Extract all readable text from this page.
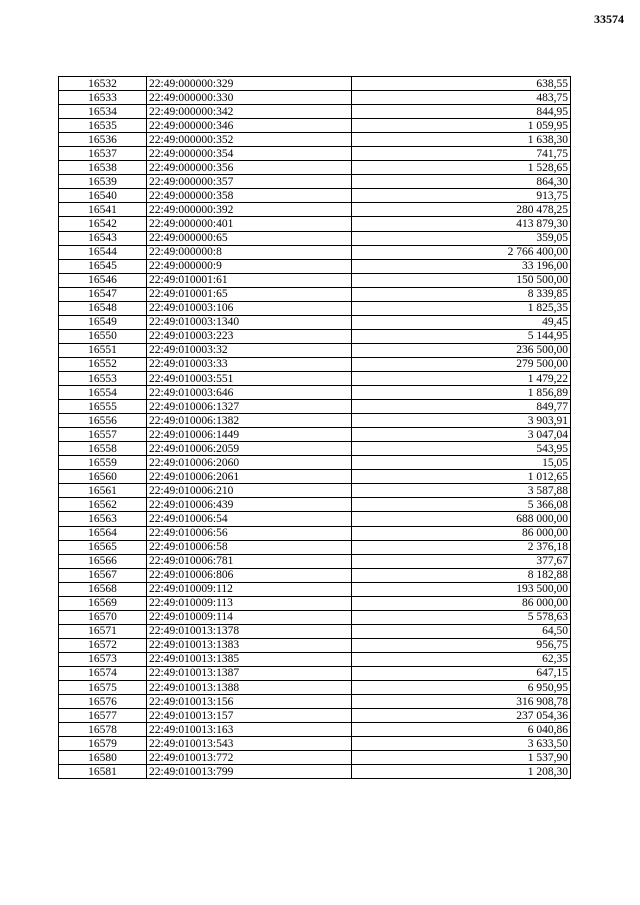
33574
16532	22:49:000000:329	638,55
16533	22:49:000000:330	483,75
16534	22:49:000000:342	844,95
16535	22:49:000000:346	1 059,95
16536	22:49:000000:352	1 638,30
16537	22:49:000000:354	741,75
16538	22:49:000000:356	1 528,65
16539	22:49:000000:357	864,30
16540	22:49:000000:358	913,75
16541	22:49:000000:392	280 478,25
16542	22:49:000000:401	413 879,30
16543	22:49:000000:65	359,05
16544	22:49:000000:8	2 766 400,00
16545	22:49:000000:9	33 196,00
16546	22:49:010001:61	150 500,00
16547	22:49:010001:65	8 339,85
16548	22:49:010003:106	1 825,35
16549	22:49:010003:1340	49,45
16550	22:49:010003:223	5 144,95
16551	22:49:010003:32	236 500,00
16552	22:49:010003:33	279 500,00
16553	22:49:010003:551	1 479,22
16554	22:49:010003:646	1 856,89
16555	22:49:010006:1327	849,77
16556	22:49:010006:1382	3 903,91
16557	22:49:010006:1449	3 047,04
16558	22:49:010006:2059	543,95
16559	22:49:010006:2060	15,05
16560	22:49:010006:2061	1 012,65
16561	22:49:010006:210	3 587,88
16562	22:49:010006:439	5 366,08
16563	22:49:010006:54	688 000,00
16564	22:49:010006:56	86 000,00
16565	22:49:010006:58	2 376,18
16566	22:49:010006:781	377,67
16567	22:49:010006:806	8 182,88
16568	22:49:010009:112	193 500,00
16569	22:49:010009:113	86 000,00
16570	22:49:010009:114	5 578,63
16571	22:49:010013:1378	64,50
16572	22:49:010013:1383	956,75
16573	22:49:010013:1385	62,35
16574	22:49:010013:1387	647,15
16575	22:49:010013:1388	6 950,95
16576	22:49:010013:156	316 908,78
16577	22:49:010013:157	237 054,36
16578	22:49:010013:163	6 040,86
16579	22:49:010013:543	3 633,50
16580	22:49:010013:772	1 537,90
16581	22:49:010013:799	1 208,30
